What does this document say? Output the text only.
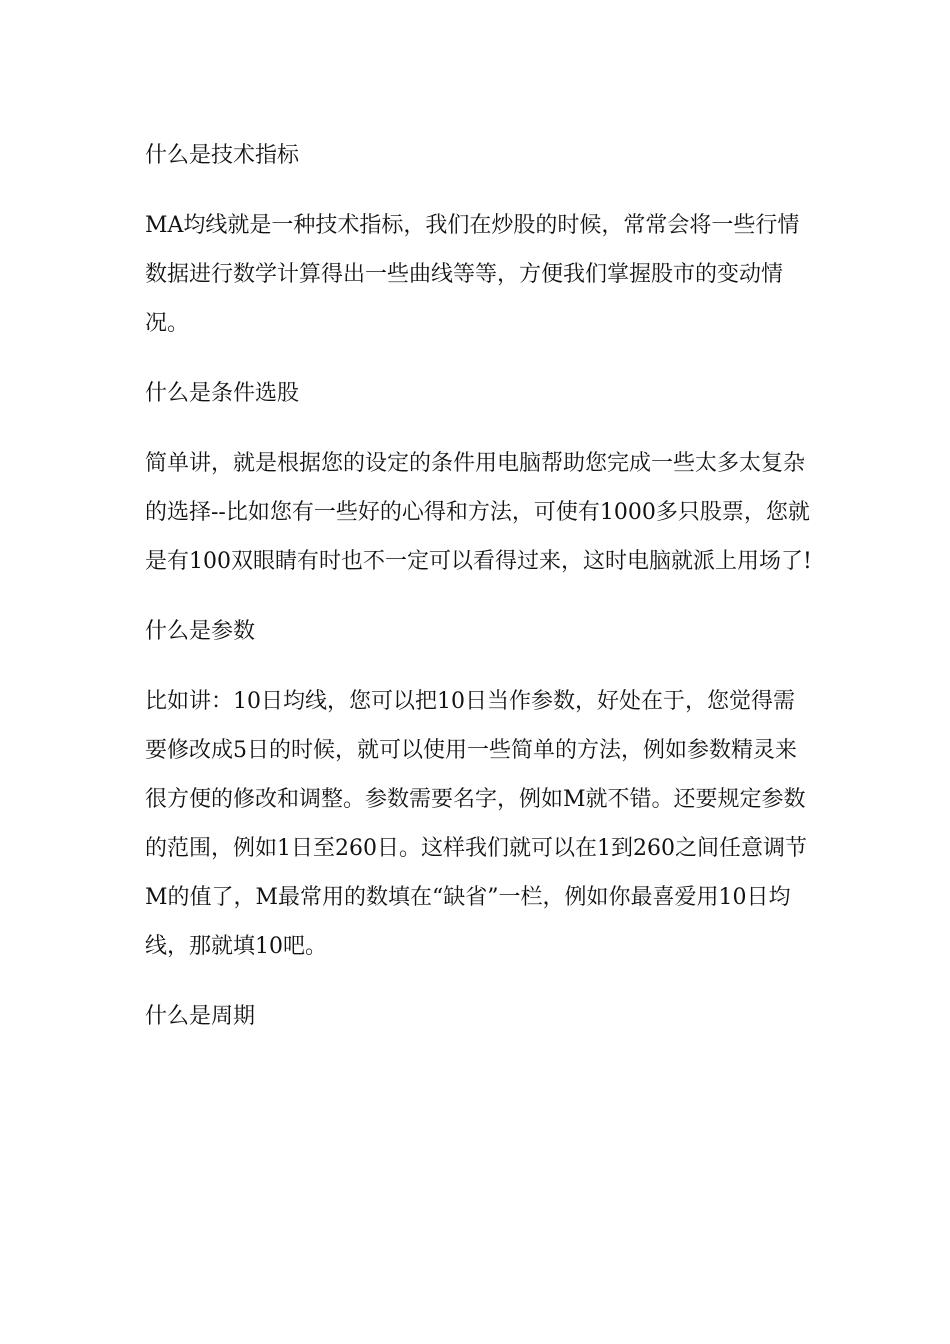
什么是技术指标

MA均线就是一种技术指标，我们在炒股的时候，常常会将一些行情数据进行数学计算得出一些曲线等等，方便我们掌握股市的变动情况。

什么是条件选股

简单讲，就是根据您的设定的条件用电脑帮助您完成一些太多太复杂的选择--比如您有一些好的心得和方法，可使有1000多只股票，您就是有100双眼睛有时也不一定可以看得过来，这时电脑就派上用场了!

什么是参数

比如讲：10日均线，您可以把10日当作参数，好处在于，您觉得需要修改成5日的时候，就可以使用一些简单的方法，例如参数精灵来很方便的修改和调整。参数需要名字，例如M就不错。还要规定参数的范围，例如1日至260日。这样我们就可以在1到260之间任意调节M的值了，M最常用的数填在“缺省”一栏，例如你最喜爱用10日均线，那就填10吧。

什么是周期
